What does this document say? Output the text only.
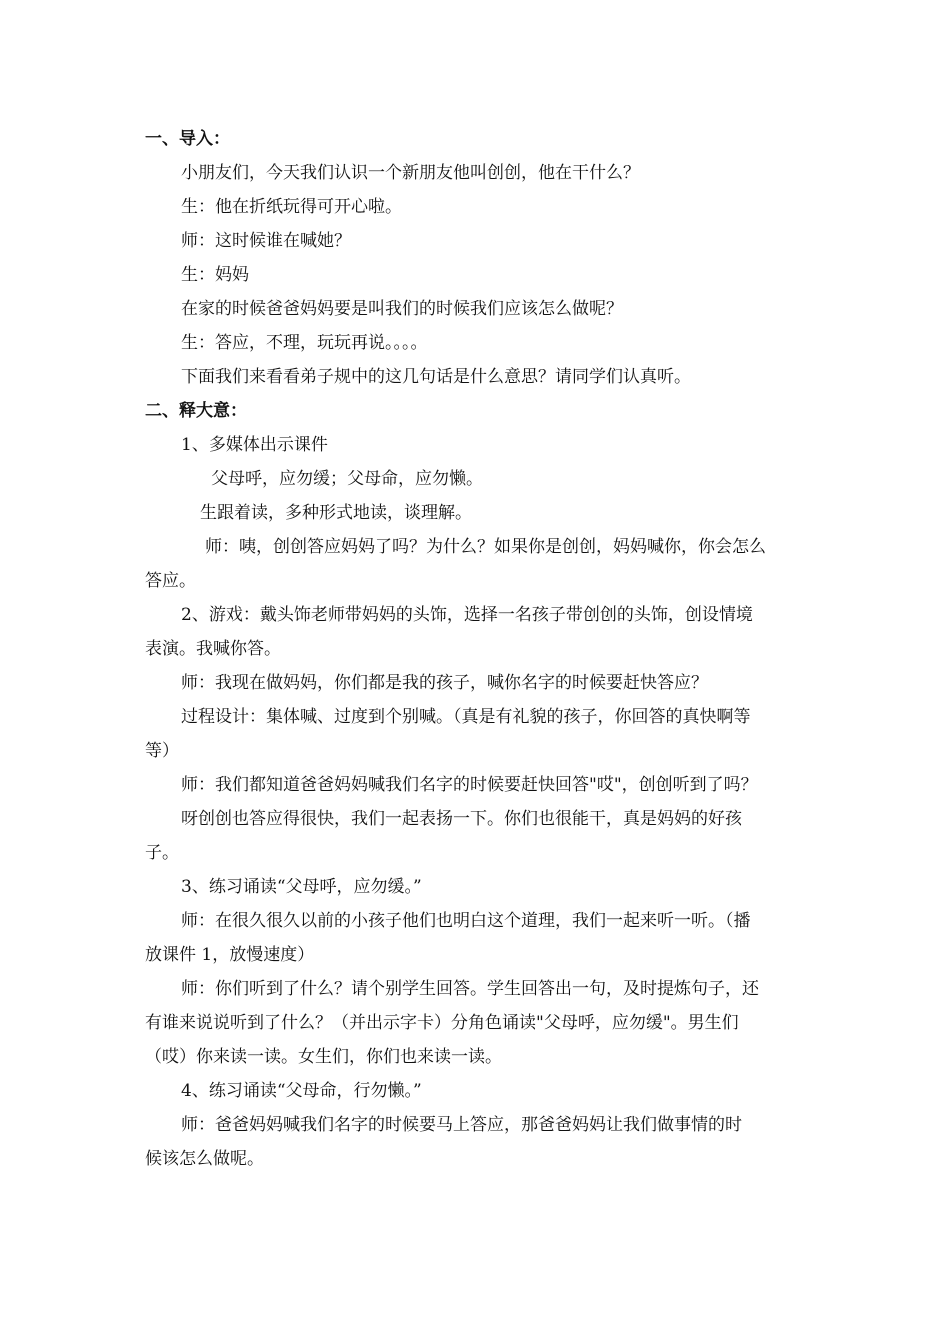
一、导入：
小朋友们，今天我们认识一个新朋友他叫创创，他在干什么？
生：他在折纸玩得可开心啦。
师：这时候谁在喊她？
生：妈妈
在家的时候爸爸妈妈要是叫我们的时候我们应该怎么做呢？
生：答应，不理，玩玩再说。。。。
下面我们来看看弟子规中的这几句话是什么意思？请同学们认真听。
二、释大意：
1、多媒体出示课件
父母呼，应勿缓；父母命，应勿懒。
生跟着读，多种形式地读，谈理解。
师：咦，创创答应妈妈了吗？为什么？如果你是创创，妈妈喊你，你会怎么
答应。
2、游戏：戴头饰老师带妈妈的头饰，选择一名孩子带创创的头饰，创设情境
表演。我喊你答。
师：我现在做妈妈，你们都是我的孩子，喊你名字的时候要赶快答应？
过程设计：集体喊、过度到个别喊。（真是有礼貌的孩子，你回答的真快啊等
等）
师：我们都知道爸爸妈妈喊我们名字的时候要赶快回答"哎"，创创听到了吗？
呀创创也答应得很快，我们一起表扬一下。你们也很能干，真是妈妈的好孩
子。
3、练习诵读“父母呼，应勿缓。”
师：在很久很久以前的小孩子他们也明白这个道理，我们一起来听一听。（播
放课件 1，放慢速度）
师：你们听到了什么？请个别学生回答。学生回答出一句，及时提炼句子，还
有谁来说说听到了什么？（并出示字卡）分角色诵读"父母呼，应勿缓"。男生们
（哎）你来读一读。女生们，你们也来读一读。
4、练习诵读“父母命，行勿懒。”
师：爸爸妈妈喊我们名字的时候要马上答应，那爸爸妈妈让我们做事情的时
候该怎么做呢。
